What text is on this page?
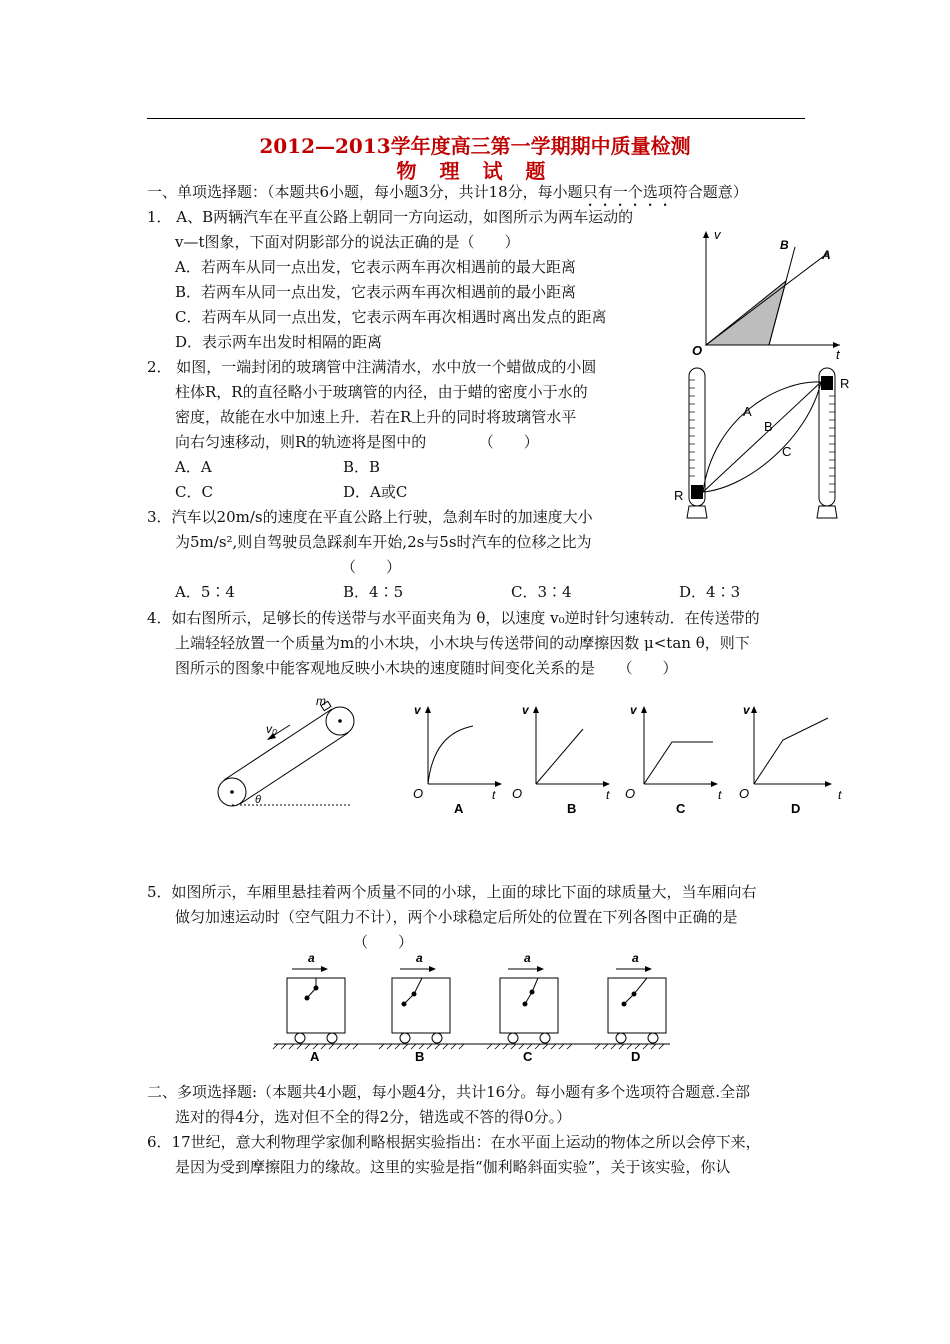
2012—2013学年度高三第一学期期中质量检测
物 理 试 题
一、单项选择题：（本题共6小题，每小题3分，共计18分，每小题只有一个选项符合题意）
1． A、B两辆汽车在平直公路上朝同一方向运动，如图所示为两车运动的
v—t图象，下面对阴影部分的说法正确的是（　　）
A．若两车从同一点出发，它表示两车再次相遇前的最大距离
B．若两车从同一点出发，它表示两车再次相遇前的最小距离
C．若两车从同一点出发，它表示两车再次相遇时离出发点的距离
D．表示两车出发时相隔的距离
v
t
O
A
B
2． 如图，一端封闭的玻璃管中注满清水，水中放一个蜡做成的小圆
柱体R，R的直径略小于玻璃管的内径，由于蜡的密度小于水的
密度，故能在水中加速上升．若在R上升的同时将玻璃管水平
向右匀速移动，则R的轨迹将是图中的　　　　（　　）
A．A	B．B
C．C	D．A或C	R
R
A
B
C
3．汽车以20m/s的速度在平直公路上行驶，急刹车时的加速度大小
为5m/s²,则自驾驶员急踩刹车开始,2s与5s时汽车的位移之比为
（　　）
A．5∶4	B．4∶5	C．3∶4	D．4∶3
4．如右图所示，足够长的传送带与水平面夹角为 θ，以速度 v₀逆时针匀速转动．在传送带的
上端轻轻放置一个质量为m的小木块，小木块与传送带间的动摩擦因数 μ<tan θ，则下
图所示的图象中能客观地反映小木块的速度随时间变化关系的是　　（　　）
m
v₀
θ
v
t
O
A
v
t
O
B
v
t
O
C
v
t
O
D
5．如图所示，车厢里悬挂着两个质量不同的小球，上面的球比下面的球质量大，当车厢向右
做匀加速运动时（空气阻力不计），两个小球稳定后所处的位置在下列各图中正确的是
（　　）
a
A
a
B
a
C
a
D
二、多项选择题:（本题共4小题，每小题4分，共计16分。每小题有多个选项符合题意.全部
选对的得4分，选对但不全的得2分，错选或不答的得0分。）
6．17世纪，意大利物理学家伽利略根据实验指出：在水平面上运动的物体之所以会停下来，
是因为受到摩擦阻力的缘故。这里的实验是指“伽利略斜面实验”，关于该实验，你认
